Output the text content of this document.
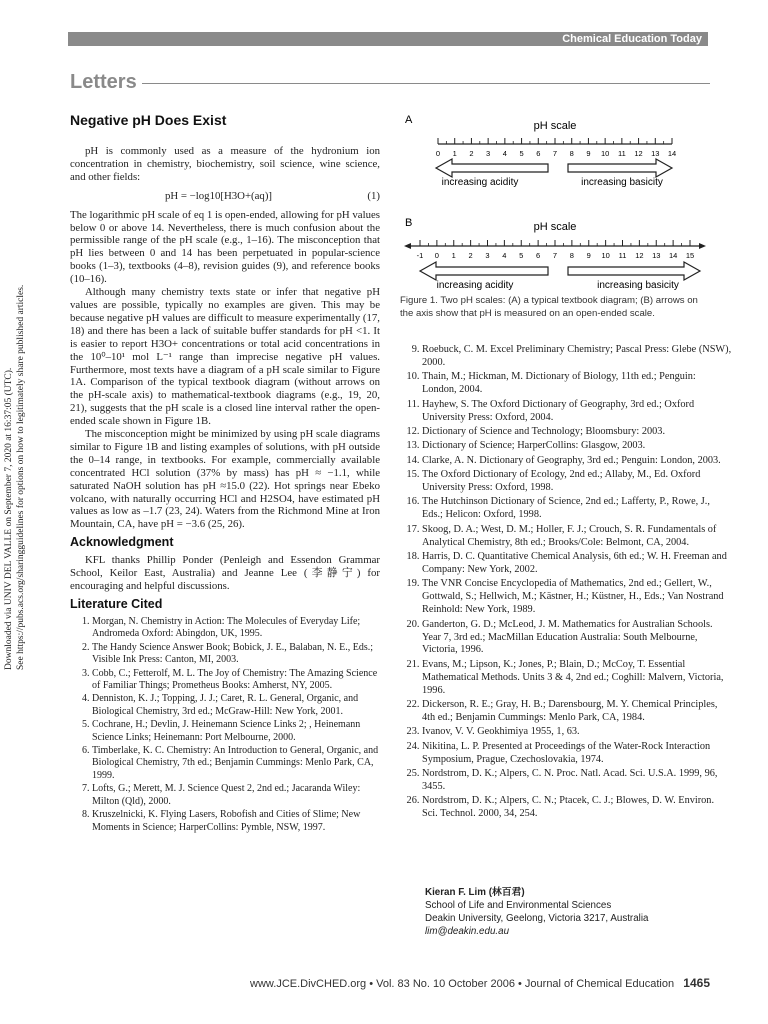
Chemical Education Today
Letters
Downloaded via UNIV DEL VALLE on September 7, 2020 at 16:37:05 (UTC). See https://pubs.acs.org/sharingguidelines for options on how to legitimately share published articles.
Negative pH Does Exist

pH is commonly used as a measure of the hydronium ion concentration in chemistry, biochemistry, soil science, wine science, and other fields:

pH = −log10[H3O+(aq)]	(1)

The logarithmic pH scale of eq 1 is open-ended, allowing for pH values below 0 or above 14. Nevertheless, there is much confusion about the permissible range of the pH scale (e.g., 1–16). The misconception that pH lies between 0 and 14 has been perpetuated in popular-science books (1–3), textbooks (4–8), revision guides (9), and reference books (10–16).

Although many chemistry texts state or infer that negative pH values are possible, typically no examples are given. This may be because negative pH values are difficult to measure experimentally (17, 18) and there has been a lack of suitable buffer standards for pH <1. It is easier to report H3O+ concentrations or total acid concentrations in the 10⁰–10¹ mol L⁻¹ range than imprecise negative pH values. Furthermore, most texts have a diagram of a pH scale similar to Figure 1A. Comparison of the typical textbook diagram (without arrows on the pH-scale axis) to mathematical-textbook diagrams (e.g., 19, 20, 21), suggests that the pH scale is a closed line interval rather the open-ended scale shown in Figure 1B.

The misconception might be minimized by using pH scale diagrams similar to Figure 1B and listing examples of solutions, with pH outside the 0–14 range, in textbooks. For example, commercially available concentrated HCl solution (37% by mass) has pH ≈ −1.1, while saturated NaOH solution has pH ≈15.0 (22). Hot springs near Ebeko volcano, with naturally occurring HCl and H2SO4, have estimated pH values as low as –1.7 (23, 24). Waters from the Richmond Mine at Iron Mountain, CA, have pH = −3.6 (25, 26).

Acknowledgment

KFL thanks Phillip Ponder (Penleigh and Essendon Grammar School, Keilor East, Australia) and Jeanne Lee (李静宁) for encouraging and helpful discussions.

Literature Cited
1. Morgan, N. Chemistry in Action: The Molecules of Everyday Life; Andromeda Oxford: Abingdon, UK, 1995.
2. The Handy Science Answer Book; Bobick, J. E., Balaban, N. E., Eds.; Visible Ink Press: Canton, MI, 2003.
3. Cobb, C.; Fetterolf, M. L. The Joy of Chemistry: The Amazing Science of Familiar Things; Prometheus Books: Amherst, NY, 2005.
4. Denniston, K. J.; Topping, J. J.; Caret, R. L. General, Organic, and Biological Chemistry, 3rd ed.; McGraw-Hill: New York, 2001.
5. Cochrane, H.; Devlin, J. Heinemann Science Links 2; , Heinemann Science Links; Heinemann: Port Melbourne, 2000.
6. Timberlake, K. C. Chemistry: An Introduction to General, Organic, and Biological Chemistry, 7th ed.; Benjamin Cummings: Menlo Park, CA, 1999.
7. Lofts, G.; Merett, M. J. Science Quest 2, 2nd ed.; Jacaranda Wiley: Milton (Qld), 2000.
8. Kruszelnicki, K. Flying Lasers, Robofish and Cities of Slime; New Moments in Science; HarperCollins: Pymble, NSW, 1997.
A	pH scale
0 1 2 3 4 5 6 7 8 9 10 11 12 13 14
B	pH scale
-1 0 1 2 3 4 5 6 7 8 9 10 11 12 13 14 15
increasing acidity	increasing basicity
increasing acidity	increasing basicity
Figure 1. Two pH scales: (A) a typical textbook diagram; (B) arrows on the axis show that pH is measured on an open-ended scale.
9. Roebuck, C. M. Excel Preliminary Chemistry; Pascal Press: Glebe (NSW), 2000.
10. Thain, M.; Hickman, M. Dictionary of Biology, 11th ed.; Penguin: London, 2004.
11. Hayhew, S. The Oxford Dictionary of Geography, 3rd ed.; Oxford University Press: Oxford, 2004.
12. Dictionary of Science and Technology; Bloomsbury: 2003.
13. Dictionary of Science; HarperCollins: Glasgow, 2003.
14. Clarke, A. N. Dictionary of Geography, 3rd ed.; Penguin: London, 2003.
15. The Oxford Dictionary of Ecology, 2nd ed.; Allaby, M., Ed. Oxford University Press: Oxford, 1998.
16. The Hutchinson Dictionary of Science, 2nd ed.; Lafferty, P., Rowe, J., Eds.; Helicon: Oxford, 1998.
17. Skoog, D. A.; West, D. M.; Holler, F. J.; Crouch, S. R. Fundamentals of Analytical Chemistry, 8th ed.; Brooks/Cole: Belmont, CA, 2004.
18. Harris, D. C. Quantitative Chemical Analysis, 6th ed.; W. H. Freeman and Company: New York, 2002.
19. The VNR Concise Encyclopedia of Mathematics, 2nd ed.; Gellert, W., Gottwald, S.; Hellwich, M.; Kästner, H.; Küstner, H., Eds.; Van Nostrand Reinhold: New York, 1989.
20. Ganderton, G. D.; McLeod, J. M. Mathematics for Australian Schools. Year 7, 3rd ed.; MacMillan Education Australia: South Melbourne, Victoria, 1996.
21. Evans, M.; Lipson, K.; Jones, P.; Blain, D.; McCoy, T. Essential Mathematical Methods. Units 3 & 4, 2nd ed.; Coghill: Malvern, Victoria, 1996.
22. Dickerson, R. E.; Gray, H. B.; Darensbourg, M. Y. Chemical Principles, 4th ed.; Benjamin Cummings: Menlo Park, CA, 1984.
23. Ivanov, V. V. Geokhimiya 1955, 1, 63.
24. Nikitina, L. P. Presented at Proceedings of the Water-Rock Interaction Symposium, Prague, Czechoslovakia, 1974.
25. Nordstrom, D. K.; Alpers, C. N. Proc. Natl. Acad. Sci. U.S.A. 1999, 96, 3455.
26. Nordstrom, D. K.; Alpers, C. N.; Ptacek, C. J.; Blowes, D. W. Environ. Sci. Technol. 2000, 34, 254.
Kieran F. Lim (林百君)
School of Life and Environmental Sciences
Deakin University, Geelong, Victoria 3217, Australia
lim@deakin.edu.au
www.JCE.DivCHED.org • Vol. 83 No. 10 October 2006 • Journal of Chemical Education 1465
